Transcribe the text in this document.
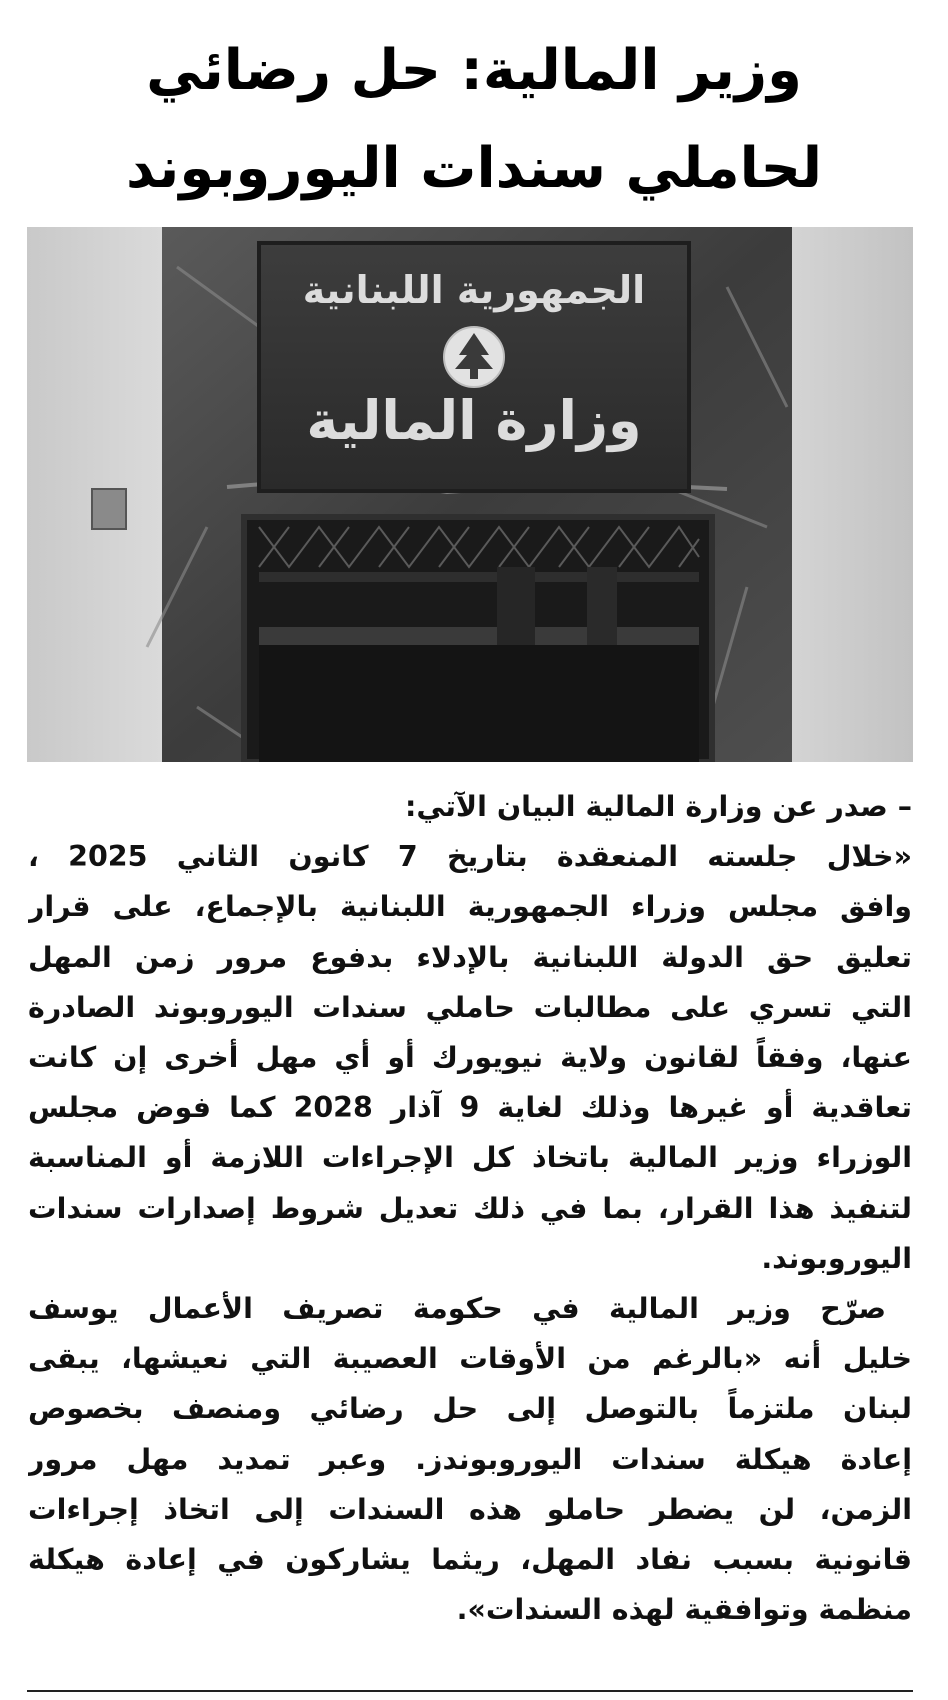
وزير المالية: حل رضائي
لحاملي سندات اليوروبوند
الجمهورية اللبنانية
وزارة المالية
– صدر عن وزارة المالية البيان الآتي:
«خلال جلسته المنعقدة بتاريخ 7 كانون الثاني 2025 ،
وافق مجلس وزراء الجمهورية اللبنانية بالإجماع، على قرار
تعليق حق الدولة اللبنانية بالإدلاء بدفوع مرور زمن المهل
التي تسري على مطالبات حاملي سندات اليوروبوند الصادرة
عنها، وفقاً لقانون ولاية نيويورك أو أي مهل أخرى إن كانت
تعاقدية أو غيرها وذلك لغاية 9 آذار 2028 كما فوض مجلس
الوزراء وزير المالية باتخاذ كل الإجراءات اللازمة أو المناسبة
لتنفيذ هذا القرار، بما في ذلك تعديل شروط إصدارات سندات
اليوروبوند.
صرّح وزير المالية في حكومة تصريف الأعمال يوسف
خليل أنه «بالرغم من الأوقات العصيبة التي نعيشها، يبقى
لبنان ملتزماً بالتوصل إلى حل رضائي ومنصف بخصوص
إعادة هيكلة سندات اليوروبوندز. وعبر تمديد مهل مرور
الزمن، لن يضطر حاملو هذه السندات إلى اتخاذ إجراءات
قانونية بسبب نفاد المهل، ريثما يشاركون في إعادة هيكلة
منظمة وتوافقية لهذه السندات».
